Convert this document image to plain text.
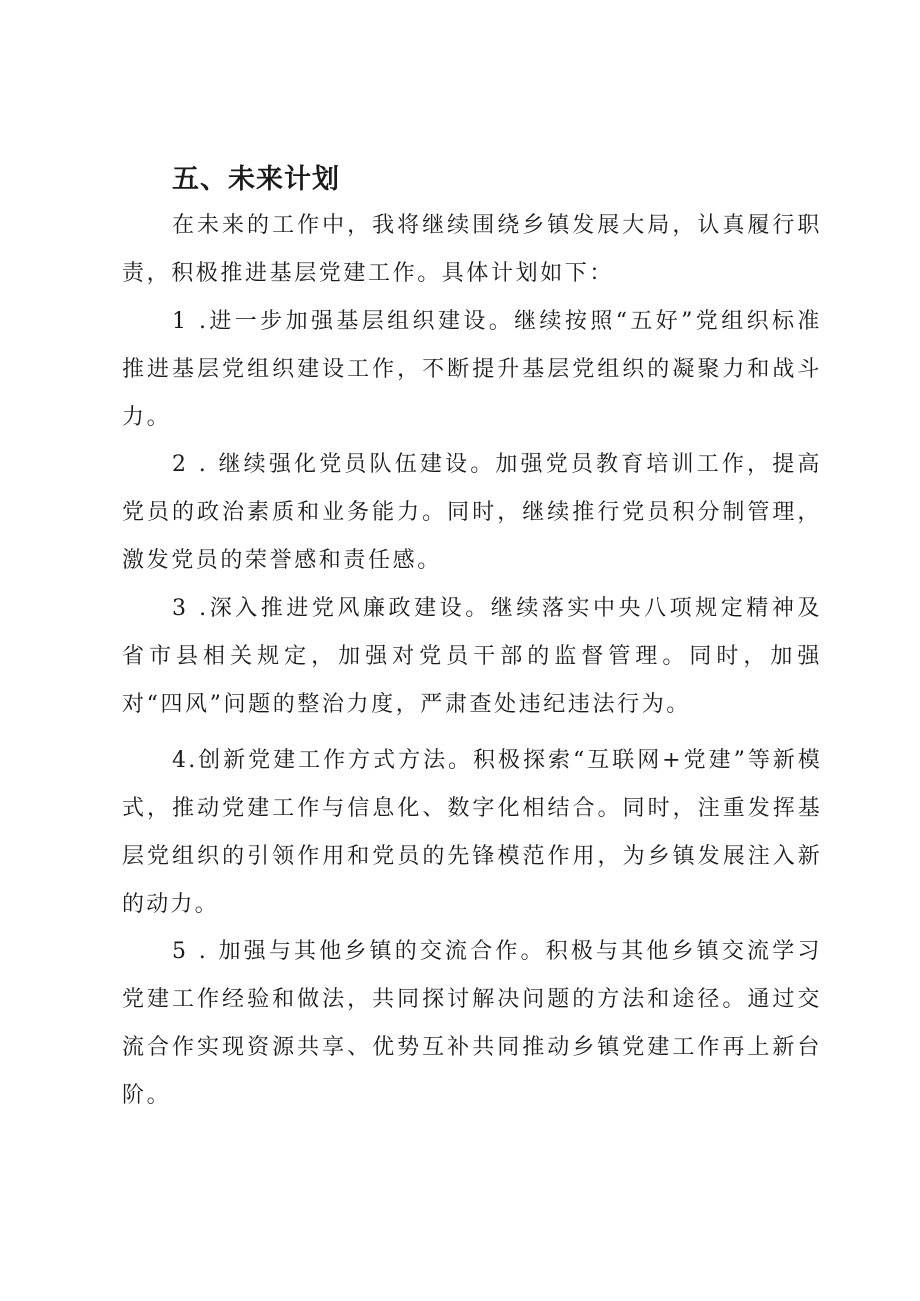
五、未来计划

在未来的工作中，我将继续围绕乡镇发展大局，认真履行职责，积极推进基层党建工作。具体计划如下：

1 .进一步加强基层组织建设。继续按照“五好”党组织标准推进基层党组织建设工作，不断提升基层党组织的凝聚力和战斗力。

2 . 继续强化党员队伍建设。加强党员教育培训工作，提高党员的政治素质和业务能力。同时，继续推行党员积分制管理，激发党员的荣誉感和责任感。

3 .深入推进党风廉政建设。继续落实中央八项规定精神及省市县相关规定，加强对党员干部的监督管理。同时，加强对“四风”问题的整治力度，严肃查处违纪违法行为。

4.创新党建工作方式方法。积极探索“互联网+党建”等新模式，推动党建工作与信息化、数字化相结合。同时，注重发挥基层党组织的引领作用和党员的先锋模范作用，为乡镇发展注入新的动力。

5 . 加强与其他乡镇的交流合作。积极与其他乡镇交流学习党建工作经验和做法，共同探讨解决问题的方法和途径。通过交流合作实现资源共享、优势互补共同推动乡镇党建工作再上新台阶。
